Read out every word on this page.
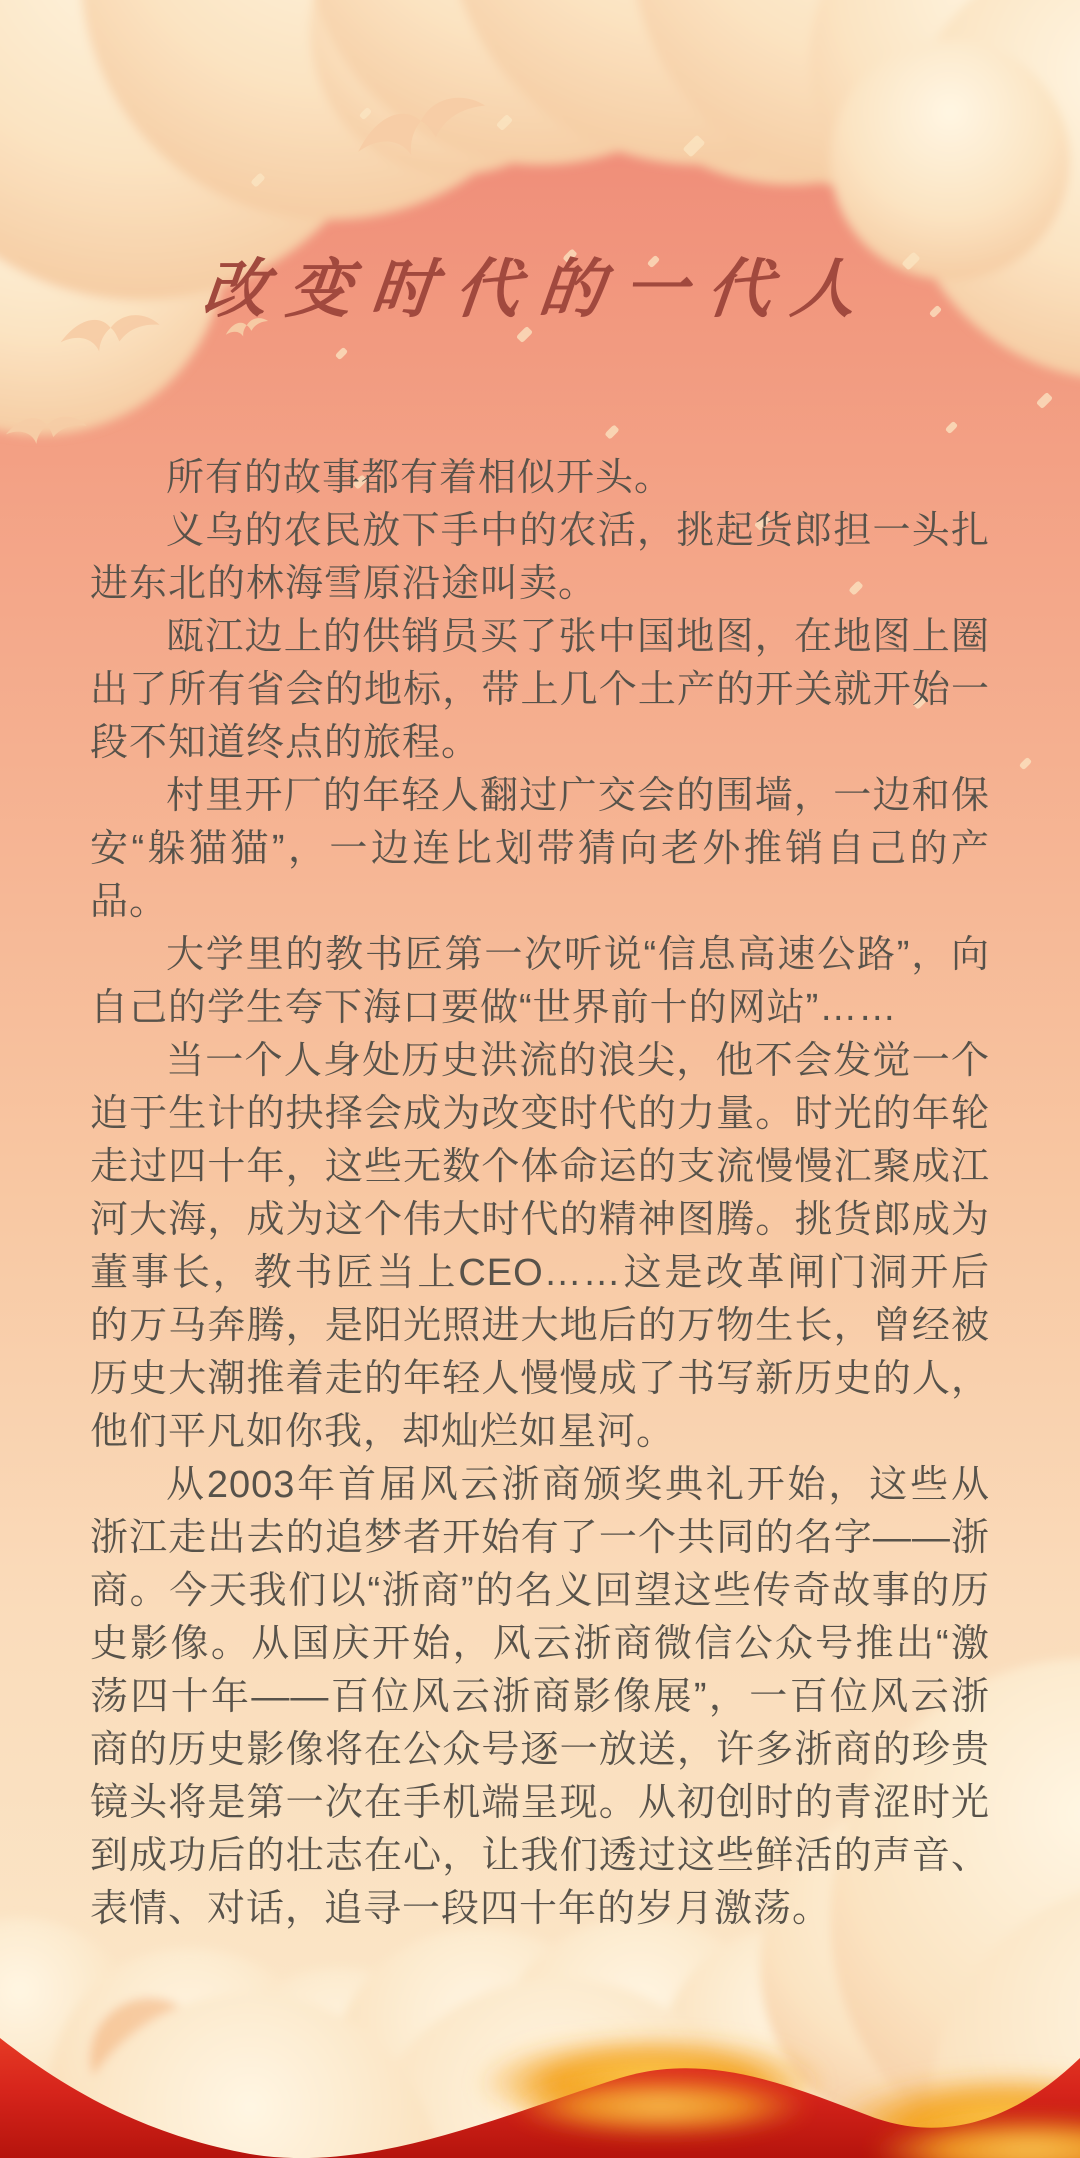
改变时代的一代人

所有的故事都有着相似开头。

义乌的农民放下手中的农活，挑起货郎担一头扎进东北的林海雪原沿途叫卖。

瓯江边上的供销员买了张中国地图，在地图上圈出了所有省会的地标，带上几个土产的开关就开始一段不知道终点的旅程。

村里开厂的年轻人翻过广交会的围墙，一边和保安“躲猫猫”，一边连比划带猜向老外推销自己的产品。

大学里的教书匠第一次听说“信息高速公路”，向自己的学生夸下海口要做“世界前十的网站”……

当一个人身处历史洪流的浪尖，他不会发觉一个迫于生计的抉择会成为改变时代的力量。时光的年轮走过四十年，这些无数个体命运的支流慢慢汇聚成江河大海，成为这个伟大时代的精神图腾。挑货郎成为董事长，教书匠当上CEO……这是改革闸门洞开后的万马奔腾，是阳光照进大地后的万物生长，曾经被历史大潮推着走的年轻人慢慢成了书写新历史的人，他们平凡如你我，却灿烂如星河。

从2003年首届风云浙商颁奖典礼开始，这些从浙江走出去的追梦者开始有了一个共同的名字——浙商。今天我们以“浙商”的名义回望这些传奇故事的历史影像。从国庆开始，风云浙商微信公众号推出“激荡四十年——百位风云浙商影像展”，一百位风云浙商的历史影像将在公众号逐一放送，许多浙商的珍贵镜头将是第一次在手机端呈现。从初创时的青涩时光到成功后的壮志在心，让我们透过这些鲜活的声音、表情、对话，追寻一段四十年的岁月激荡。
